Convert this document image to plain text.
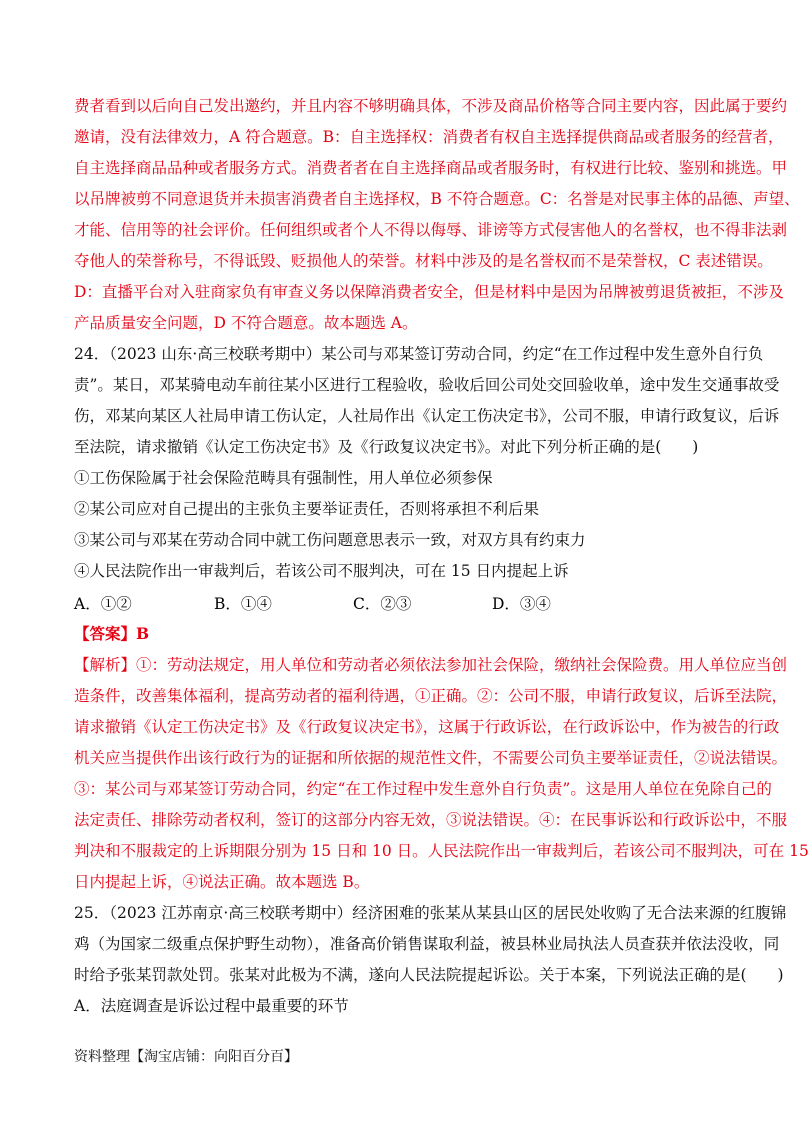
费者看到以后向自己发出邀约，并且内容不够明确具体，不涉及商品价格等合同主要内容，因此属于要约
邀请，没有法律效力，A 符合题意。B：自主选择权：消费者有权自主选择提供商品或者服务的经营者，
自主选择商品品种或者服务方式。消费者者在自主选择商品或者服务时，有权进行比较、鉴别和挑选。甲
以吊牌被剪不同意退货并未损害消费者自主选择权，B 不符合题意。C：名誉是对民事主体的品德、声望、
才能、信用等的社会评价。任何组织或者个人不得以侮辱、诽谤等方式侵害他人的名誉权，也不得非法剥
夺他人的荣誉称号，不得诋毁、贬损他人的荣誉。材料中涉及的是名誉权而不是荣誉权，C 表述错误。
D：直播平台对入驻商家负有审查义务以保障消费者安全，但是材料中是因为吊牌被剪退货被拒，不涉及
产品质量安全问题，D 不符合题意。故本题选 A。
24．（2023 山东·高三校联考期中）某公司与邓某签订劳动合同，约定“在工作过程中发生意外自行负
责”。某日，邓某骑电动车前往某小区进行工程验收，验收后回公司处交回验收单，途中发生交通事故受
伤，邓某向某区人社局申请工伤认定，人社局作出《认定工伤决定书》，公司不服，申请行政复议，后诉
至法院，请求撤销《认定工伤决定书》及《行政复议决定书》。对此下列分析正确的是(　　)
①工伤保险属于社会保险范畴具有强制性，用人单位必须参保
②某公司应对自己提出的主张负主要举证责任，否则将承担不利后果
③某公司与邓某在劳动合同中就工伤问题意思表示一致，对双方具有约束力
④人民法院作出一审裁判后，若该公司不服判决，可在 15 日内提起上诉
A．①②	B．①④	C．②③	D．③④
【答案】B
【解析】①：劳动法规定，用人单位和劳动者必须依法参加社会保险，缴纳社会保险费。用人单位应当创
造条件，改善集体福利，提高劳动者的福利待遇，①正确。②：公司不服，申请行政复议，后诉至法院，
请求撤销《认定工伤决定书》及《行政复议决定书》，这属于行政诉讼，在行政诉讼中，作为被告的行政
机关应当提供作出该行政行为的证据和所依据的规范性文件，不需要公司负主要举证责任，②说法错误。
③：某公司与邓某签订劳动合同，约定“在工作过程中发生意外自行负责”。这是用人单位在免除自己的
法定责任、排除劳动者权利，签订的这部分内容无效，③说法错误。④：在民事诉讼和行政诉讼中，不服
判决和不服裁定的上诉期限分别为 15 日和 10 日。人民法院作出一审裁判后，若该公司不服判决，可在 15
日内提起上诉，④说法正确。故本题选 B。
25．（2023 江苏南京·高三校联考期中）经济困难的张某从某县山区的居民处收购了无合法来源的红腹锦
鸡（为国家二级重点保护野生动物），准备高价销售谋取利益，被县林业局执法人员查获并依法没收，同
时给予张某罚款处罚。张某对此极为不满，遂向人民法院提起诉讼。关于本案，下列说法正确的是(　　)
A．法庭调查是诉讼过程中最重要的环节
资料整理【淘宝店铺：向阳百分百】
